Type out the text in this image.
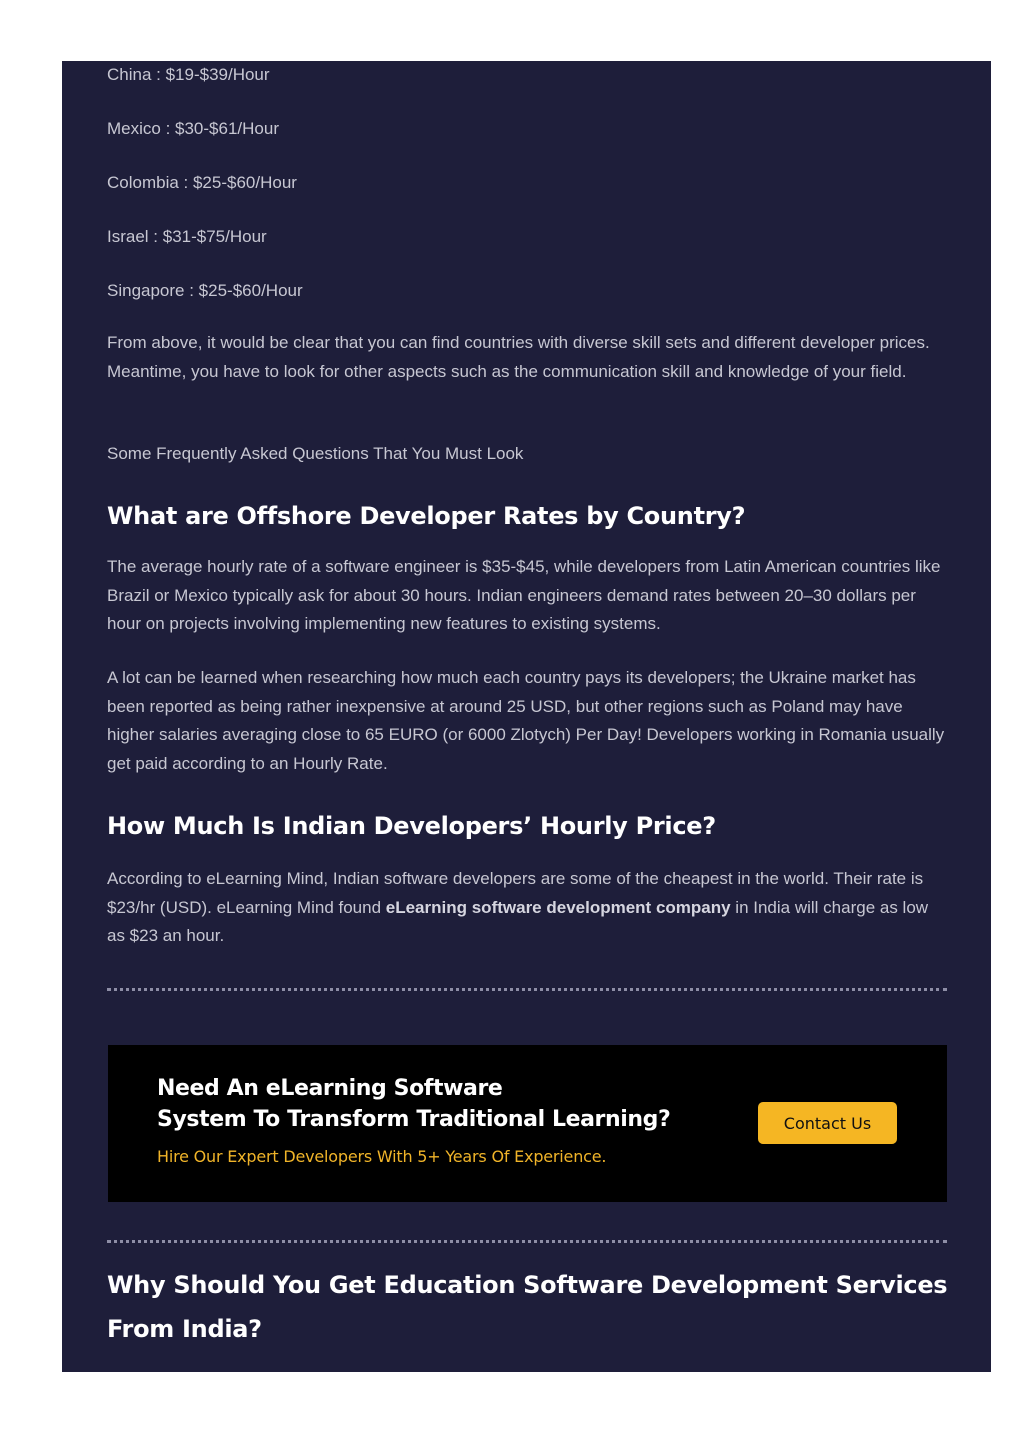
China : $19-$39/Hour

Mexico : $30-$61/Hour

Colombia : $25-$60/Hour

Israel : $31-$75/Hour

Singapore : $25-$60/Hour

From above, it would be clear that you can find countries with diverse skill sets and different developer prices. Meantime, you have to look for other aspects such as the communication skill and knowledge of your field.

Some Frequently Asked Questions That You Must Look

What are Offshore Developer Rates by Country?

The average hourly rate of a software engineer is $35-$45, while developers from Latin American countries like Brazil or Mexico typically ask for about 30 hours. Indian engineers demand rates between 20–30 dollars per hour on projects involving implementing new features to existing systems.

A lot can be learned when researching how much each country pays its developers; the Ukraine market has been reported as being rather inexpensive at around 25 USD, but other regions such as Poland may have higher salaries averaging close to 65 EURO (or 6000 Zlotych) Per Day! Developers working in Romania usually get paid according to an Hourly Rate.

How Much Is Indian Developers’ Hourly Price?

According to eLearning Mind, Indian software developers are some of the cheapest in the world. Their rate is $23/hr (USD). eLearning Mind found eLearning software development company in India will charge as low as $23 an hour.

Need An eLearning Software
System To Transform Traditional Learning?

Hire Our Expert Developers With 5+ Years Of Experience.

Contact Us
Why Should You Get Education Software Development Services From India?
